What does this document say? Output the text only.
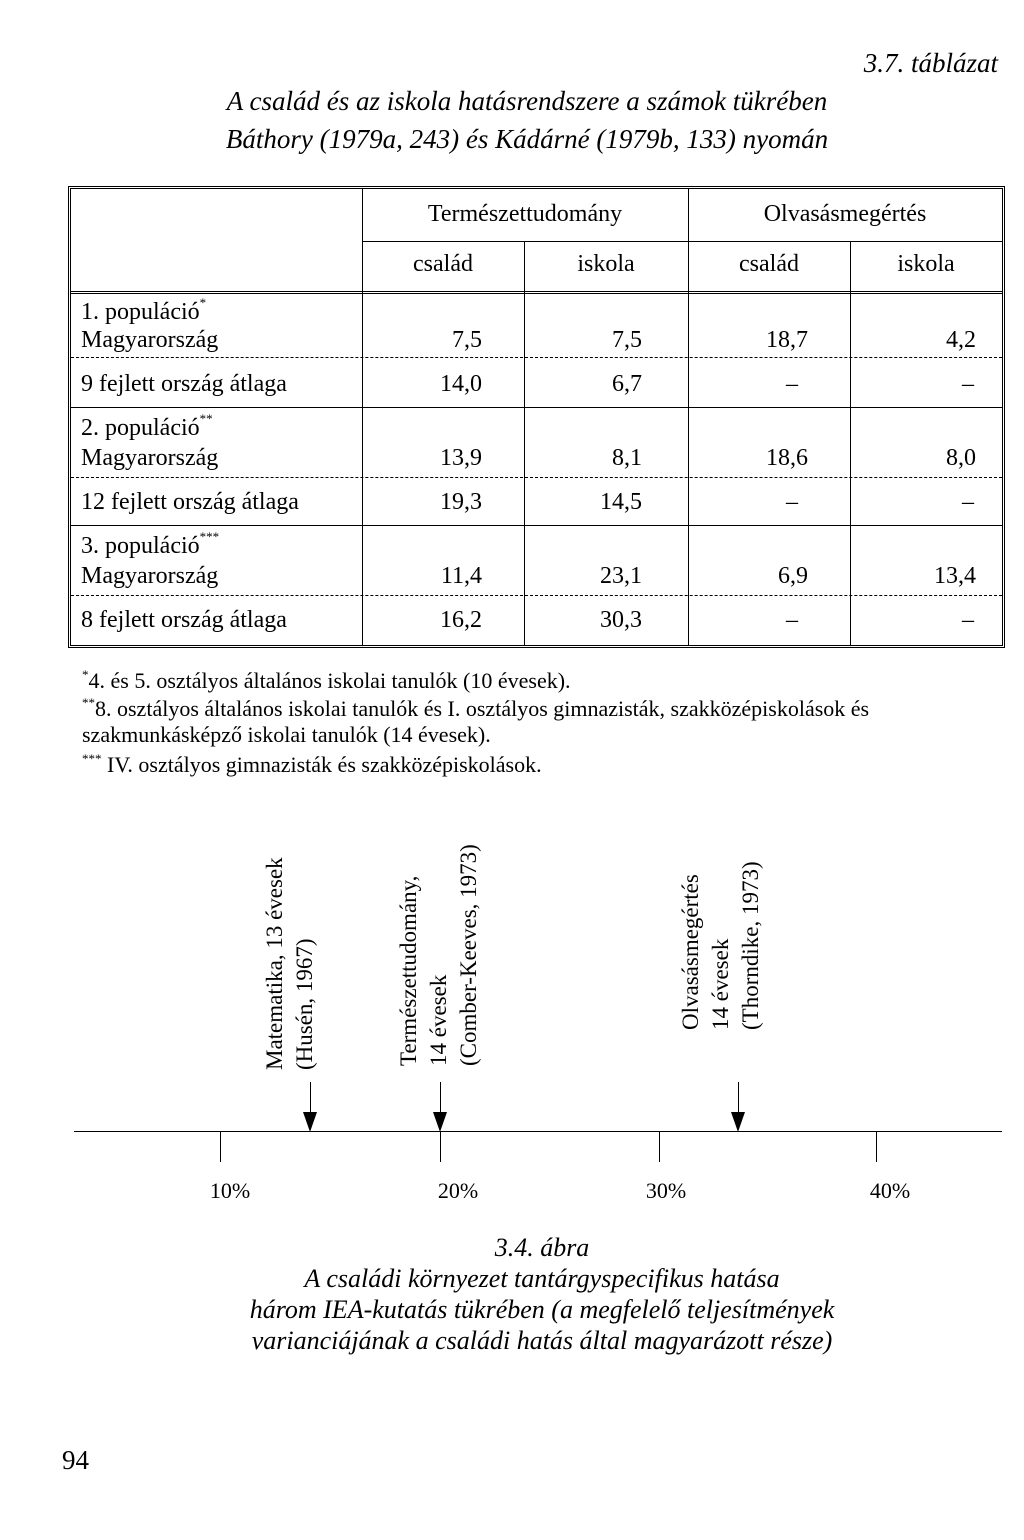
3.7. táblázat
A család és az iskola hatásrendszere a számok tükrében
Báthory (1979a, 243) és Kádárné (1979b, 133) nyomán
Természettudomány	Olvasásmegértés
család	iskola	család	iskola
1. populáció*
Magyarország	7,5	7,5	18,7	4,2
9 fejlett ország átlaga	14,0	6,7	–	–
2. populáció**
Magyarország	13,9	8,1	18,6	8,0
12 fejlett ország átlaga	19,3	14,5	–	–
3. populáció***
Magyarország	11,4	23,1	6,9	13,4
8 fejlett ország átlaga	16,2	30,3	–	–
*4. és 5. osztályos általános iskolai tanulók (10 évesek).
**8. osztályos általános iskolai tanulók és I. osztályos gimnazisták, szakközépiskolások és
szakmunkásképző iskolai tanulók (14 évesek).
*** IV. osztályos gimnazisták és szakközépiskolások.
Matematika, 13 évesek (Husén, 1967)	Természettudomány, 14 évesek (Comber-Keeves, 1973)	Olvasásmegértés 14 évesek (Thorndike, 1973)
10%	20%	30%	40%
3.4. ábra
A családi környezet tantárgyspecifikus hatása
három IEA-kutatás tükrében (a megfelelő teljesítmények
varianciájának a családi hatás által magyarázott része)
94
